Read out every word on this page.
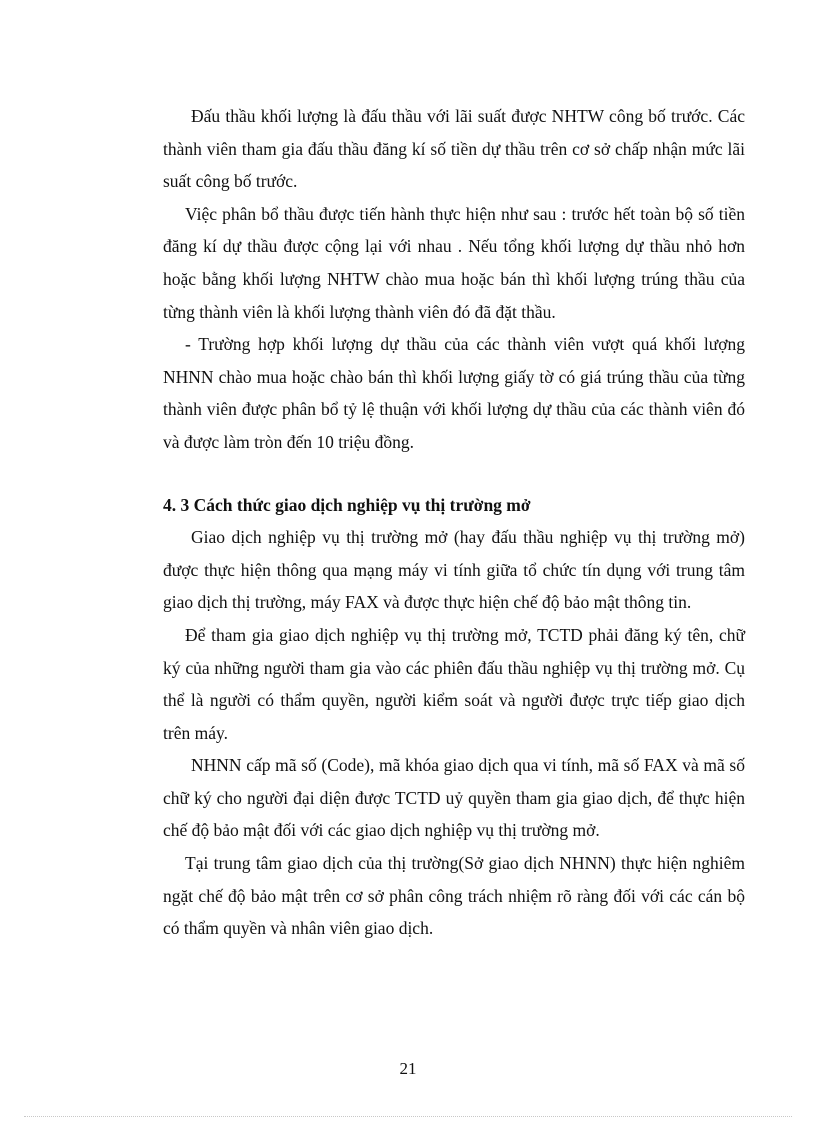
Đấu thầu khối lượng là đấu thầu với lãi suất được NHTW công bố trước. Các thành viên tham gia đấu thầu đăng kí số tiền dự thầu trên cơ sở chấp nhận mức lãi suất công bố trước.

Việc phân bổ thầu được tiến hành thực hiện như sau : trước hết toàn bộ số tiền đăng kí dự thầu được cộng lại với nhau . Nếu tổng khối lượng dự thầu nhỏ hơn hoặc bằng khối lượng NHTW chào mua hoặc bán thì khối lượng trúng thầu của từng thành viên là khối lượng thành viên đó đã đặt thầu.

- Trường hợp khối lượng dự thầu của các thành viên vượt quá khối lượng NHNN chào mua hoặc chào bán thì khối lượng giấy tờ có giá trúng thầu của từng thành viên được phân bổ tỷ lệ thuận với khối lượng dự thầu của các thành viên đó và được làm tròn đến 10 triệu đồng.

4. 3 Cách thức giao dịch nghiệp vụ thị trường mở

Giao dịch nghiệp vụ thị trường mở (hay đấu thầu nghiệp vụ thị trường mở) được thực hiện thông qua mạng máy vi tính giữa tổ chức tín dụng với trung tâm giao dịch thị trường, máy FAX và được thực hiện chế độ bảo mật thông tin.

Để tham gia giao dịch nghiệp vụ thị trường mở, TCTD phải đăng ký tên, chữ ký của những người tham gia vào các phiên đấu thầu nghiệp vụ thị trường mở. Cụ thể là người có thẩm quyền, người kiểm soát và người được trực tiếp giao dịch trên máy.

NHNN cấp mã số (Code), mã khóa giao dịch qua vi tính, mã số FAX và mã số chữ ký cho người đại diện được TCTD uỷ quyền tham gia giao dịch, để thực hiện chế độ bảo mật đối với các giao dịch nghiệp vụ thị trường mở.

Tại trung tâm giao dịch của thị trường(Sở giao dịch NHNN) thực hiện nghiêm ngặt chế độ bảo mật trên cơ sở phân công trách nhiệm rõ ràng đối với các cán bộ có thẩm quyền và nhân viên giao dịch.

21
